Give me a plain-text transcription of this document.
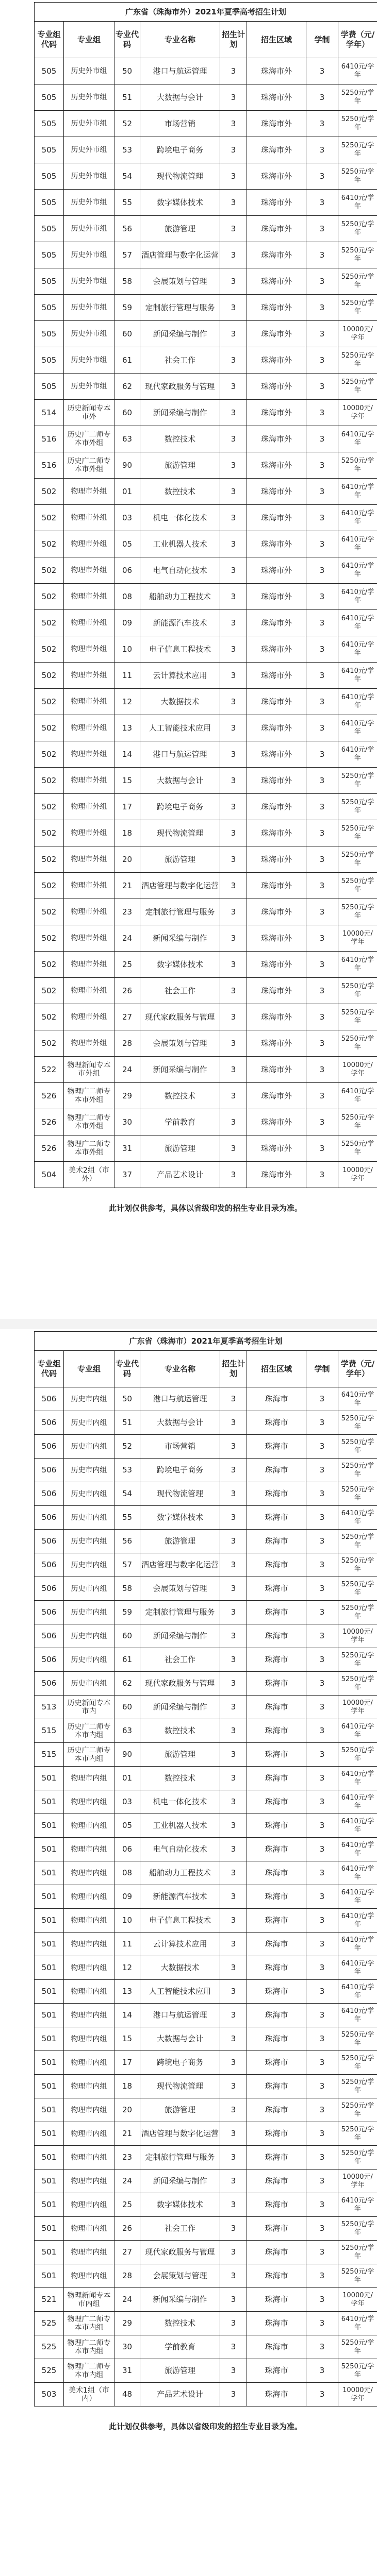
广东省（珠海市外）2021年夏季高考招生计划
专业组代码	专业组	专业代码	专业名称	招生计划	招生区域	学制	学费（元/学年）
505	历史外市组	50	港口与航运管理	3	珠海市外	3	6410元/学年
505	历史外市组	51	大数据与会计	3	珠海市外	3	5250元/学年
505	历史外市组	52	市场营销	3	珠海市外	3	5250元/学年
505	历史外市组	53	跨境电子商务	3	珠海市外	3	5250元/学年
505	历史外市组	54	现代物流管理	3	珠海市外	3	5250元/学年
505	历史外市组	55	数字媒体技术	3	珠海市外	3	6410元/学年
505	历史外市组	56	旅游管理	3	珠海市外	3	5250元/学年
505	历史外市组	57	酒店管理与数字化运营	3	珠海市外	3	5250元/学年
505	历史外市组	58	会展策划与管理	3	珠海市外	3	5250元/学年
505	历史外市组	59	定制旅行管理与服务	3	珠海市外	3	5250元/学年
505	历史外市组	60	新闻采编与制作	3	珠海市外	3	10000元/学年
505	历史外市组	61	社会工作	3	珠海市外	3	5250元/学年
505	历史外市组	62	现代家政服务与管理	3	珠海市外	3	5250元/学年
514	历史新闻专本市外	60	新闻采编与制作	3	珠海市外	3	10000元/学年
516	历史广二师专本市外组	63	数控技术	3	珠海市外	3	6410元/学年
516	历史广二师专本市外组	90	旅游管理	3	珠海市外	3	5250元/学年
502	物理市外组	01	数控技术	3	珠海市外	3	6410元/学年
502	物理市外组	03	机电一体化技术	3	珠海市外	3	6410元/学年
502	物理市外组	05	工业机器人技术	3	珠海市外	3	6410元/学年
502	物理市外组	06	电气自动化技术	3	珠海市外	3	6410元/学年
502	物理市外组	08	船舶动力工程技术	3	珠海市外	3	6410元/学年
502	物理市外组	09	新能源汽车技术	3	珠海市外	3	6410元/学年
502	物理市外组	10	电子信息工程技术	3	珠海市外	3	6410元/学年
502	物理市外组	11	云计算技术应用	3	珠海市外	3	6410元/学年
502	物理市外组	12	大数据技术	3	珠海市外	3	6410元/学年
502	物理市外组	13	人工智能技术应用	3	珠海市外	3	6410元/学年
502	物理市外组	14	港口与航运管理	3	珠海市外	3	6410元/学年
502	物理市外组	15	大数据与会计	3	珠海市外	3	5250元/学年
502	物理市外组	17	跨境电子商务	3	珠海市外	3	5250元/学年
502	物理市外组	18	现代物流管理	3	珠海市外	3	5250元/学年
502	物理市外组	20	旅游管理	3	珠海市外	3	5250元/学年
502	物理市外组	21	酒店管理与数字化运营	3	珠海市外	3	5250元/学年
502	物理市外组	23	定制旅行管理与服务	3	珠海市外	3	5250元/学年
502	物理市外组	24	新闻采编与制作	3	珠海市外	3	10000元/学年
502	物理市外组	25	数字媒体技术	3	珠海市外	3	6410元/学年
502	物理市外组	26	社会工作	3	珠海市外	3	5250元/学年
502	物理市外组	27	现代家政服务与管理	3	珠海市外	3	5250元/学年
502	物理市外组	28	会展策划与管理	3	珠海市外	3	5250元/学年
522	物理新闻专本市外组	24	新闻采编与制作	3	珠海市外	3	10000元/学年
526	物理广二师专本市外组	29	数控技术	3	珠海市外	3	6410元/学年
526	物理广二师专本市外组	30	学前教育	3	珠海市外	3	5250元/学年
526	物理广二师专本市外组	31	旅游管理	3	珠海市外	3	5250元/学年
504	美术2组（市外）	37	产品艺术设计	3	珠海市外	3	10000元/学年
此计划仅供参考，具体以省级印发的招生专业目录为准。
广东省（珠海市）2021年夏季高考招生计划
专业组代码	专业组	专业代码	专业名称	招生计划	招生区域	学制	学费（元/学年）
506	历史市内组	50	港口与航运管理	3	珠海市	3	6410元/学年
506	历史市内组	51	大数据与会计	3	珠海市	3	5250元/学年
506	历史市内组	52	市场营销	3	珠海市	3	5250元/学年
506	历史市内组	53	跨境电子商务	3	珠海市	3	5250元/学年
506	历史市内组	54	现代物流管理	3	珠海市	3	5250元/学年
506	历史市内组	55	数字媒体技术	3	珠海市	3	6410元/学年
506	历史市内组	56	旅游管理	3	珠海市	3	5250元/学年
506	历史市内组	57	酒店管理与数字化运营	3	珠海市	3	5250元/学年
506	历史市内组	58	会展策划与管理	3	珠海市	3	5250元/学年
506	历史市内组	59	定制旅行管理与服务	3	珠海市	3	5250元/学年
506	历史市内组	60	新闻采编与制作	3	珠海市	3	10000元/学年
506	历史市内组	61	社会工作	3	珠海市	3	5250元/学年
506	历史市内组	62	现代家政服务与管理	3	珠海市	3	5250元/学年
513	历史新闻专本市内	60	新闻采编与制作	3	珠海市	3	10000元/学年
515	历史广二师专本市内组	63	数控技术	3	珠海市	3	6410元/学年
515	历史广二师专本市内组	90	旅游管理	3	珠海市	3	5250元/学年
501	物理市内组	01	数控技术	3	珠海市	3	6410元/学年
501	物理市内组	03	机电一体化技术	3	珠海市	3	6410元/学年
501	物理市内组	05	工业机器人技术	3	珠海市	3	6410元/学年
501	物理市内组	06	电气自动化技术	3	珠海市	3	6410元/学年
501	物理市内组	08	船舶动力工程技术	3	珠海市	3	6410元/学年
501	物理市内组	09	新能源汽车技术	3	珠海市	3	6410元/学年
501	物理市内组	10	电子信息工程技术	3	珠海市	3	6410元/学年
501	物理市内组	11	云计算技术应用	3	珠海市	3	6410元/学年
501	物理市内组	12	大数据技术	3	珠海市	3	6410元/学年
501	物理市内组	13	人工智能技术应用	3	珠海市	3	6410元/学年
501	物理市内组	14	港口与航运管理	3	珠海市	3	6410元/学年
501	物理市内组	15	大数据与会计	3	珠海市	3	5250元/学年
501	物理市内组	17	跨境电子商务	3	珠海市	3	5250元/学年
501	物理市内组	18	现代物流管理	3	珠海市	3	5250元/学年
501	物理市内组	20	旅游管理	3	珠海市	3	5250元/学年
501	物理市内组	21	酒店管理与数字化运营	3	珠海市	3	5250元/学年
501	物理市内组	23	定制旅行管理与服务	3	珠海市	3	5250元/学年
501	物理市内组	24	新闻采编与制作	3	珠海市	3	10000元/学年
501	物理市内组	25	数字媒体技术	3	珠海市	3	6410元/学年
501	物理市内组	26	社会工作	3	珠海市	3	5250元/学年
501	物理市内组	27	现代家政服务与管理	3	珠海市	3	5250元/学年
501	物理市内组	28	会展策划与管理	3	珠海市	3	5250元/学年
521	物理新闻专本市内组	24	新闻采编与制作	3	珠海市	3	10000元/学年
525	物理广二师专本市内组	29	数控技术	3	珠海市	3	6410元/学年
525	物理广二师专本市内组	30	学前教育	3	珠海市	3	5250元/学年
525	物理广二师专本市内组	31	旅游管理	3	珠海市	3	5250元/学年
503	美术1组（市内）	48	产品艺术设计	3	珠海市	3	10000元/学年
此计划仅供参考，具体以省级印发的招生专业目录为准。
